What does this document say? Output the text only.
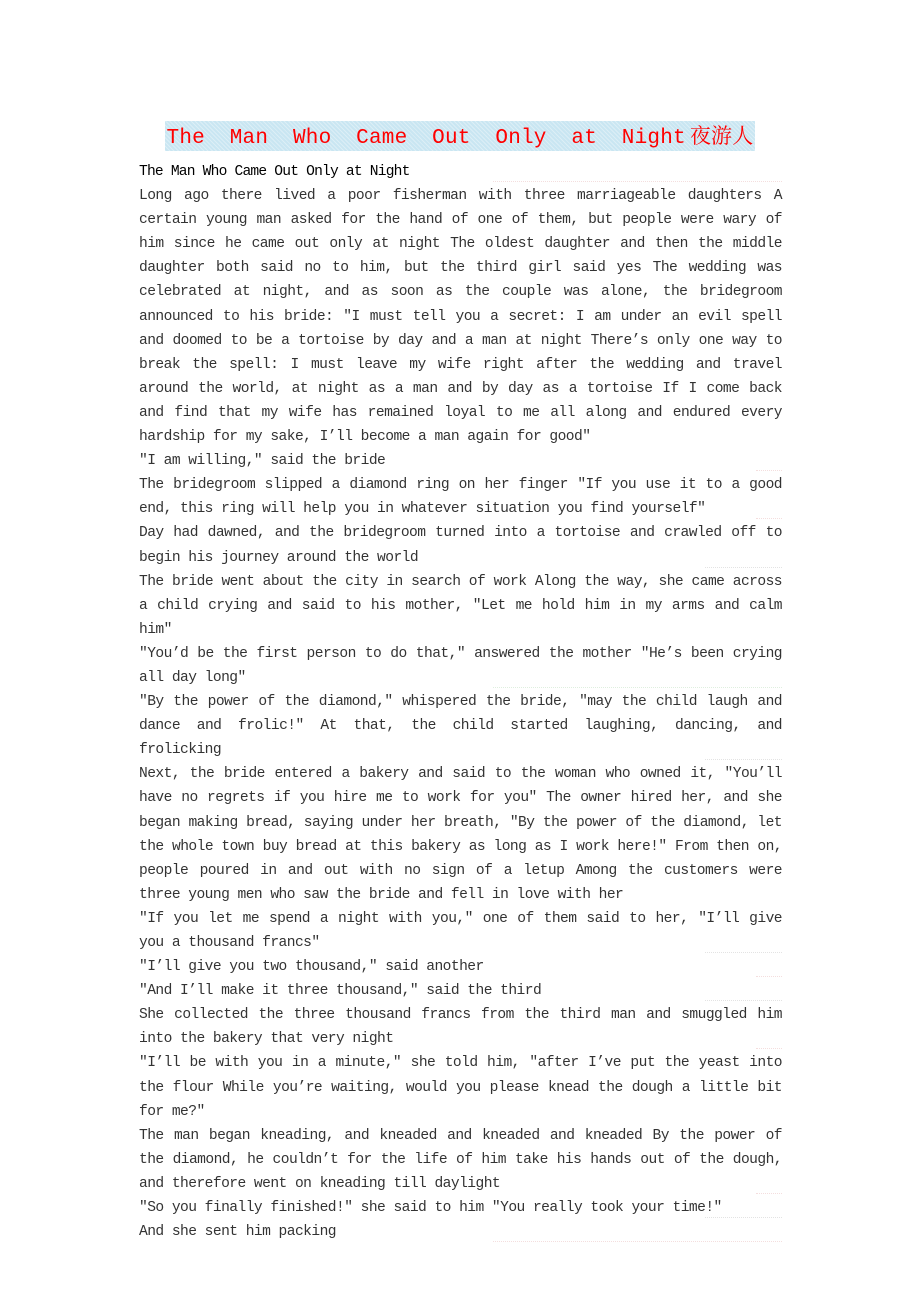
The Man Who Came Out Only at Night 夜游人

The Man Who Came Out Only at Night

Long ago there lived a poor fisherman with three marriageable daughters A certain young man asked for the hand of one of them, but people were wary of him since he came out only at night The oldest daughter and then the middle daughter both said no to him, but the third girl said yes The wedding was celebrated at night, and as soon as the couple was alone, the bridegroom announced to his bride: ″I must tell you a secret: I am under an evil spell and doomed to be a tortoise by day and a man at night There’s only one way to break the spell: I must leave my wife right after the wedding and travel around the world, at night as a man and by day as a tortoise If I come back and find that my wife has remained loyal to me all along and endured every hardship for my sake, I’ll become a man again for good″

″I am willing,″ said the bride

The bridegroom slipped a diamond ring on her finger ″If you use it to a good end, this ring will help you in whatever situation you find yourself″

Day had dawned, and the bridegroom turned into a tortoise and crawled off to begin his journey around the world

The bride went about the city in search of work Along the way, she came across a child crying and said to his mother, ″Let me hold him in my arms and calm him″

″You’d be the first person to do that,″ answered the mother ″He’s been crying all day long″

″By the power of the diamond,″ whispered the bride, ″may the child laugh and dance and frolic!″ At that, the child started laughing, dancing, and frolicking

Next, the bride entered a bakery and said to the woman who owned it, ″You’ll have no regrets if you hire me to work for you″ The owner hired her, and she began making bread, saying under her breath, ″By the power of the diamond, let the whole town buy bread at this bakery as long as I work here!″ From then on, people poured in and out with no sign of a letup Among the customers were three young men who saw the bride and fell in love with her

″If you let me spend a night with you,″ one of them said to her, ″I’ll give you a thousand francs″

″I’ll give you two thousand,″ said another

″And I’ll make it three thousand,″ said the third

She collected the three thousand francs from the third man and smuggled him into the bakery that very night

″I’ll be with you in a minute,″ she told him, ″after I’ve put the yeast into the flour While you’re waiting, would you please knead the dough a little bit for me?″

The man began kneading, and kneaded and kneaded and kneaded By the power of the diamond, he couldn’t for the life of him take his hands out of the dough, and therefore went on kneading till daylight

″So you finally finished!″ she said to him ″You really took your time!″

And she sent him packing
